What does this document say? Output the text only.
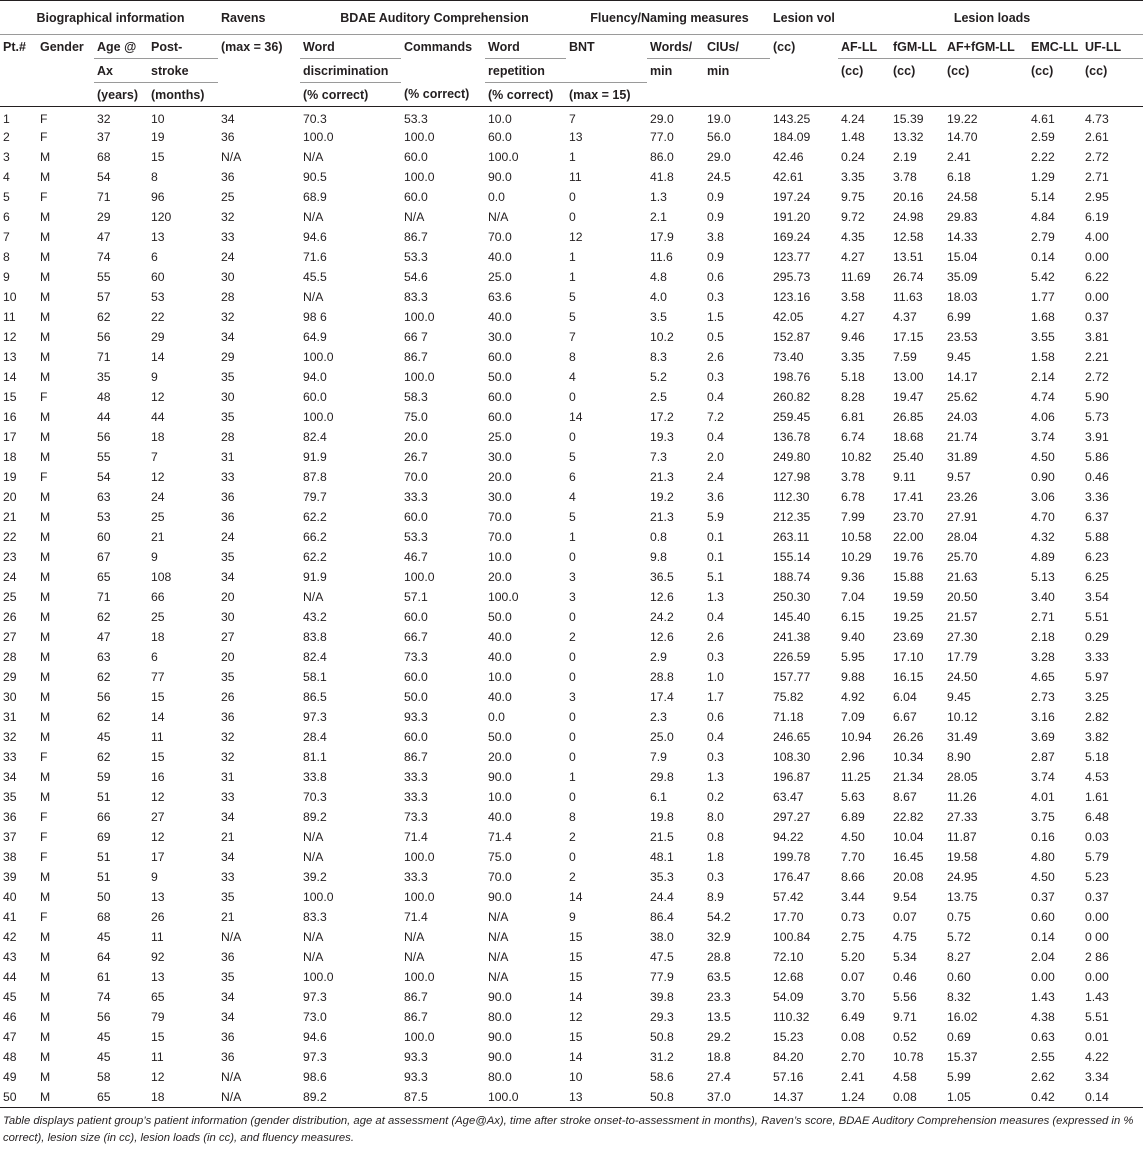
Biographical information				Ravens	BDAE Auditory Comprehension			Fluency/Naming measures			Lesion vol	Lesion loads				
Pt.#	Gender	Age @	Post-	(max = 36)	Word	Commands	Word	BNT	Words/	CIUs/	(cc)	AF-LL	fGM-LL	AF+fGM-LL	EMC-LL	UF-LL
		Ax	stroke		discrimination		repetition		min	min		(cc)	(cc)	(cc)	(cc)	(cc)
		(years)	(months)		(% correct)	(% correct)	(% correct)	(max = 15)								
1	F	32	10	34	70.3	53.3	10.0	7	29.0	19.0	143.25	4.24	15.39	19.22	4.61	4.73
2	F	37	19	36	100.0	100.0	60.0	13	77.0	56.0	184.09	1.48	13.32	14.70	2.59	2.61
3	M	68	15	N/A	N/A	60.0	100.0	1	86.0	29.0	42.46	0.24	2.19	2.41	2.22	2.72
4	M	54	8	36	90.5	100.0	90.0	11	41.8	24.5	42.61	3.35	3.78	6.18	1.29	2.71
5	F	71	96	25	68.9	60.0	0.0	0	1.3	0.9	197.24	9.75	20.16	24.58	5.14	2.95
6	M	29	120	32	N/A	N/A	N/A	0	2.1	0.9	191.20	9.72	24.98	29.83	4.84	6.19
7	M	47	13	33	94.6	86.7	70.0	12	17.9	3.8	169.24	4.35	12.58	14.33	2.79	4.00
8	M	74	6	24	71.6	53.3	40.0	1	11.6	0.9	123.77	4.27	13.51	15.04	0.14	0.00
9	M	55	60	30	45.5	54.6	25.0	1	4.8	0.6	295.73	11.69	26.74	35.09	5.42	6.22
10	M	57	53	28	N/A	83.3	63.6	5	4.0	0.3	123.16	3.58	11.63	18.03	1.77	0.00
11	M	62	22	32	98 6	100.0	40.0	5	3.5	1.5	42.05	4.27	4.37	6.99	1.68	0.37
12	M	56	29	34	64.9	66 7	30.0	7	10.2	0.5	152.87	9.46	17.15	23.53	3.55	3.81
13	M	71	14	29	100.0	86.7	60.0	8	8.3	2.6	73.40	3.35	7.59	9.45	1.58	2.21
14	M	35	9	35	94.0	100.0	50.0	4	5.2	0.3	198.76	5.18	13.00	14.17	2.14	2.72
15	F	48	12	30	60.0	58.3	60.0	0	2.5	0.4	260.82	8.28	19.47	25.62	4.74	5.90
16	M	44	44	35	100.0	75.0	60.0	14	17.2	7.2	259.45	6.81	26.85	24.03	4.06	5.73
17	M	56	18	28	82.4	20.0	25.0	0	19.3	0.4	136.78	6.74	18.68	21.74	3.74	3.91
18	M	55	7	31	91.9	26.7	30.0	5	7.3	2.0	249.80	10.82	25.40	31.89	4.50	5.86
19	F	54	12	33	87.8	70.0	20.0	6	21.3	2.4	127.98	3.78	9.11	9.57	0.90	0.46
20	M	63	24	36	79.7	33.3	30.0	4	19.2	3.6	112.30	6.78	17.41	23.26	3.06	3.36
21	M	53	25	36	62.2	60.0	70.0	5	21.3	5.9	212.35	7.99	23.70	27.91	4.70	6.37
22	M	60	21	24	66.2	53.3	70.0	1	0.8	0.1	263.11	10.58	22.00	28.04	4.32	5.88
23	M	67	9	35	62.2	46.7	10.0	0	9.8	0.1	155.14	10.29	19.76	25.70	4.89	6.23
24	M	65	108	34	91.9	100.0	20.0	3	36.5	5.1	188.74	9.36	15.88	21.63	5.13	6.25
25	M	71	66	20	N/A	57.1	100.0	3	12.6	1.3	250.30	7.04	19.59	20.50	3.40	3.54
26	M	62	25	30	43.2	60.0	50.0	0	24.2	0.4	145.40	6.15	19.25	21.57	2.71	5.51
27	M	47	18	27	83.8	66.7	40.0	2	12.6	2.6	241.38	9.40	23.69	27.30	2.18	0.29
28	M	63	6	20	82.4	73.3	40.0	0	2.9	0.3	226.59	5.95	17.10	17.79	3.28	3.33
29	M	62	77	35	58.1	60.0	10.0	0	28.8	1.0	157.77	9.88	16.15	24.50	4.65	5.97
30	M	56	15	26	86.5	50.0	40.0	3	17.4	1.7	75.82	4.92	6.04	9.45	2.73	3.25
31	M	62	14	36	97.3	93.3	0.0	0	2.3	0.6	71.18	7.09	6.67	10.12	3.16	2.82
32	M	45	11	32	28.4	60.0	50.0	0	25.0	0.4	246.65	10.94	26.26	31.49	3.69	3.82
33	F	62	15	32	81.1	86.7	20.0	0	7.9	0.3	108.30	2.96	10.34	8.90	2.87	5.18
34	M	59	16	31	33.8	33.3	90.0	1	29.8	1.3	196.87	11.25	21.34	28.05	3.74	4.53
35	M	51	12	33	70.3	33.3	10.0	0	6.1	0.2	63.47	5.63	8.67	11.26	4.01	1.61
36	F	66	27	34	89.2	73.3	40.0	8	19.8	8.0	297.27	6.89	22.82	27.33	3.75	6.48
37	F	69	12	21	N/A	71.4	71.4	2	21.5	0.8	94.22	4.50	10.04	11.87	0.16	0.03
38	F	51	17	34	N/A	100.0	75.0	0	48.1	1.8	199.78	7.70	16.45	19.58	4.80	5.79
39	M	51	9	33	39.2	33.3	70.0	2	35.3	0.3	176.47	8.66	20.08	24.95	4.50	5.23
40	M	50	13	35	100.0	100.0	90.0	14	24.4	8.9	57.42	3.44	9.54	13.75	0.37	0.37
41	F	68	26	21	83.3	71.4	N/A	9	86.4	54.2	17.70	0.73	0.07	0.75	0.60	0.00
42	M	45	11	N/A	N/A	N/A	N/A	15	38.0	32.9	100.84	2.75	4.75	5.72	0.14	0 00
43	M	64	92	36	N/A	N/A	N/A	15	47.5	28.8	72.10	5.20	5.34	8.27	2.04	2 86
44	M	61	13	35	100.0	100.0	N/A	15	77.9	63.5	12.68	0.07	0.46	0.60	0.00	0.00
45	M	74	65	34	97.3	86.7	90.0	14	39.8	23.3	54.09	3.70	5.56	8.32	1.43	1.43
46	M	56	79	34	73.0	86.7	80.0	12	29.3	13.5	110.32	6.49	9.71	16.02	4.38	5.51
47	M	45	15	36	94.6	100.0	90.0	15	50.8	29.2	15.23	0.08	0.52	0.69	0.63	0.01
48	M	45	11	36	97.3	93.3	90.0	14	31.2	18.8	84.20	2.70	10.78	15.37	2.55	4.22
49	M	58	12	N/A	98.6	93.3	80.0	10	58.6	27.4	57.16	2.41	4.58	5.99	2.62	3.34
50	M	65	18	N/A	89.2	87.5	100.0	13	50.8	37.0	14.37	1.24	0.08	1.05	0.42	0.14
Table displays patient group’s patient information (gender distribution, age at assessment (Age@Ax), time after stroke onset-to-assessment in months), Raven’s score, BDAE Auditory Comprehension measures (expressed in % correct), lesion size (in cc), lesion loads (in cc), and fluency measures.
